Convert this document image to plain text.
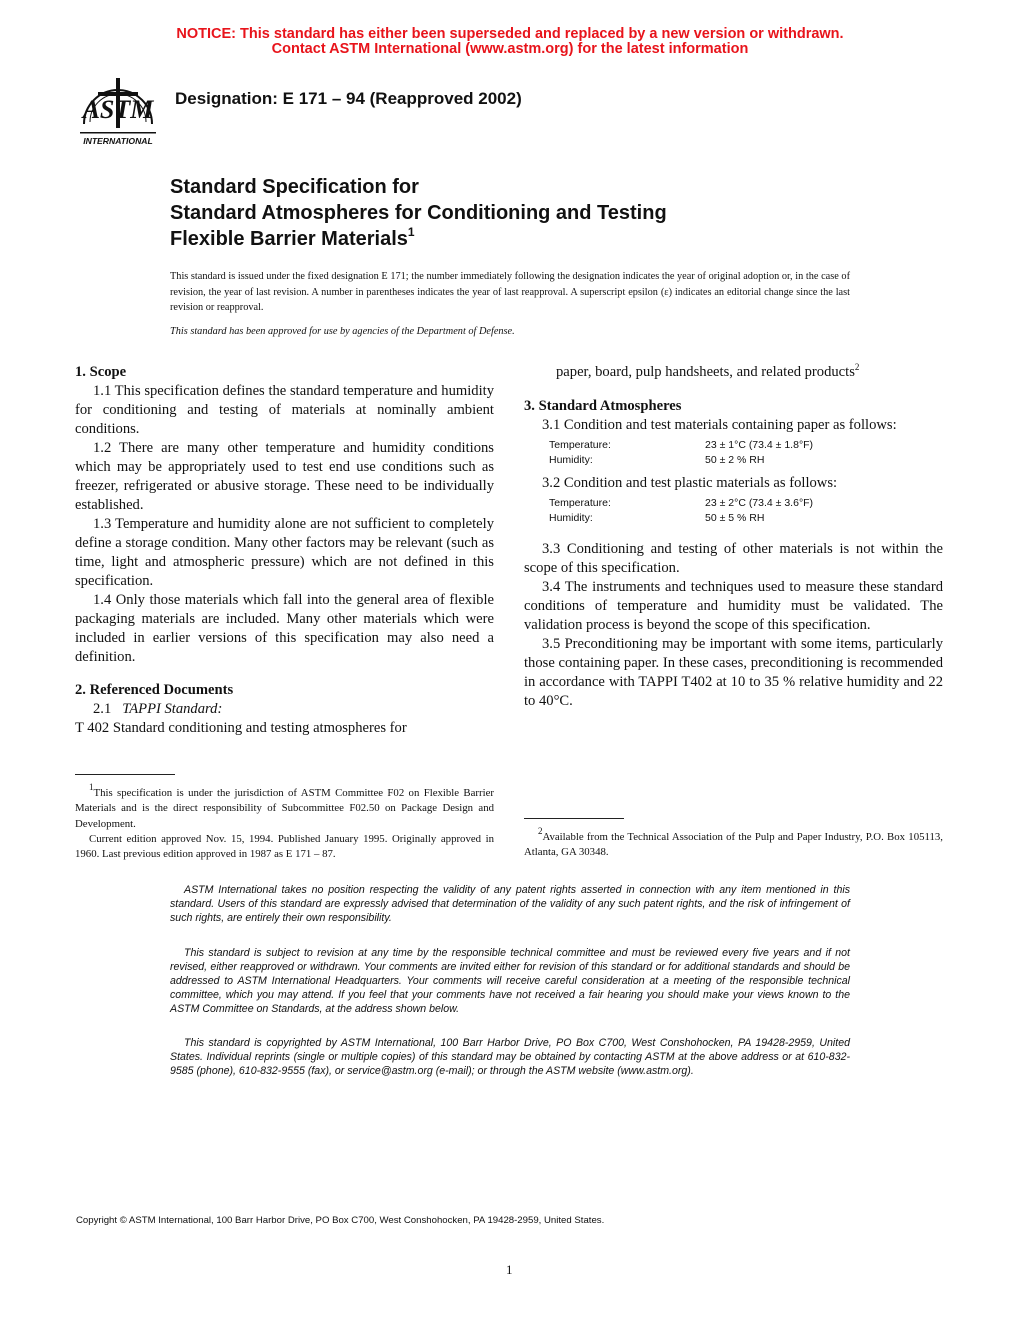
NOTICE: This standard has either been superseded and replaced by a new version or withdrawn.
Contact ASTM International (www.astm.org) for the latest information
ASTM
INTERNATIONAL
Designation: E 171 – 94 (Reapproved 2002)
Standard Specification for
Standard Atmospheres for Conditioning and Testing
Flexible Barrier Materials$^1$
This standard is issued under the fixed designation E 171; the number immediately following the designation indicates the year of original adoption or, in the case of revision, the year of last revision. A number in parentheses indicates the year of last reapproval. A superscript epsilon (ε) indicates an editorial change since the last revision or reapproval.
This standard has been approved for use by agencies of the Department of Defense.
1. Scope

1.1 This specification defines the standard temperature and humidity for conditioning and testing of materials at nominally ambient conditions.

1.2 There are many other temperature and humidity conditions which may be appropriately used to test end use conditions such as freezer, refrigerated or abusive storage. These need to be individually established.

1.3 Temperature and humidity alone are not sufficient to completely define a storage condition. Many other factors may be relevant (such as time, light and atmospheric pressure) which are not defined in this specification.

1.4 Only those materials which fall into the general area of flexible packaging materials are included. Many other materials which were included in earlier versions of this specification may also need a definition.

2. Referenced Documents

2.1 TAPPI Standard:

T 402 Standard conditioning and testing atmospheres for

paper, board, pulp handsheets, and related products$^2$

3. Standard Atmospheres

3.1 Condition and test materials containing paper as follows:

Temperature:	23 ± 1°C (73.4 ± 1.8°F)
Humidity:	50 ± 2 % RH

3.2 Condition and test plastic materials as follows:

Temperature:	23 ± 2°C (73.4 ± 3.6°F)
Humidity:	50 ± 5 % RH

3.3 Conditioning and testing of other materials is not within the scope of this specification.

3.4 The instruments and techniques used to measure these standard conditions of temperature and humidity must be validated. The validation process is beyond the scope of this specification.

3.5 Preconditioning may be important with some items, particularly those containing paper. In these cases, preconditioning is recommended in accordance with TAPPI T402 at 10 to 35 % relative humidity and 22 to 40°C.

$^1$This specification is under the jurisdiction of ASTM Committee F02 on Flexible Barrier Materials and is the direct responsibility of Subcommittee F02.50 on Package Design and Development.

Current edition approved Nov. 15, 1994. Published January 1995. Originally approved in 1960. Last previous edition approved in 1987 as E 171 – 87.

$^2$Available from the Technical Association of the Pulp and Paper Industry, P.O. Box 105113, Atlanta, GA 30348.

ASTM International takes no position respecting the validity of any patent rights asserted in connection with any item mentioned in this standard. Users of this standard are expressly advised that determination of the validity of any such patent rights, and the risk of infringement of such rights, are entirely their own responsibility.

This standard is subject to revision at any time by the responsible technical committee and must be reviewed every five years and if not revised, either reapproved or withdrawn. Your comments are invited either for revision of this standard or for additional standards and should be addressed to ASTM International Headquarters. Your comments will receive careful consideration at a meeting of the responsible technical committee, which you may attend. If you feel that your comments have not received a fair hearing you should make your views known to the ASTM Committee on Standards, at the address shown below.

This standard is copyrighted by ASTM International, 100 Barr Harbor Drive, PO Box C700, West Conshohocken, PA 19428-2959, United States. Individual reprints (single or multiple copies) of this standard may be obtained by contacting ASTM at the above address or at 610-832-9585 (phone), 610-832-9555 (fax), or service@astm.org (e-mail); or through the ASTM website (www.astm.org).

Copyright © ASTM International, 100 Barr Harbor Drive, PO Box C700, West Conshohocken, PA 19428-2959, United States.
1
